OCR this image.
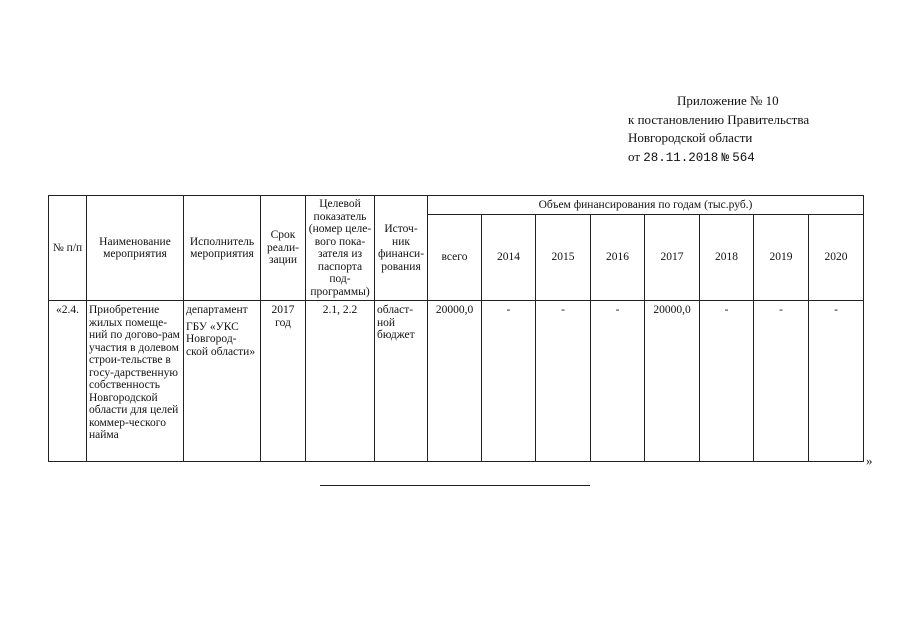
Приложение № 10
к постановлению Правительства
Новгородской области
от 28.11.2018 № 564
№ п/п	Наименование мероприятия	Исполнитель мероприятия	Срок реали-зации	Целевой показатель (номер целе-вого пока-зателя из паспорта под-программы)	Источ-ник финанси-рования	Объем финансирования по годам (тыс.руб.)							
						всего	2014	2015	2016	2017	2018	2019	2020
«2.4.	Приобретение жилых помеще-ний по догово-рам участия в долевом строи-тельстве в госу-дарственную собственность Новгородской области для целей коммер-ческого найма	департамент
ГБУ «УКС Новгород-ской области»	2017 год	2.1, 2.2	област-ной бюджет	20000,0	-	-	-	20000,0	-	-	-
»
